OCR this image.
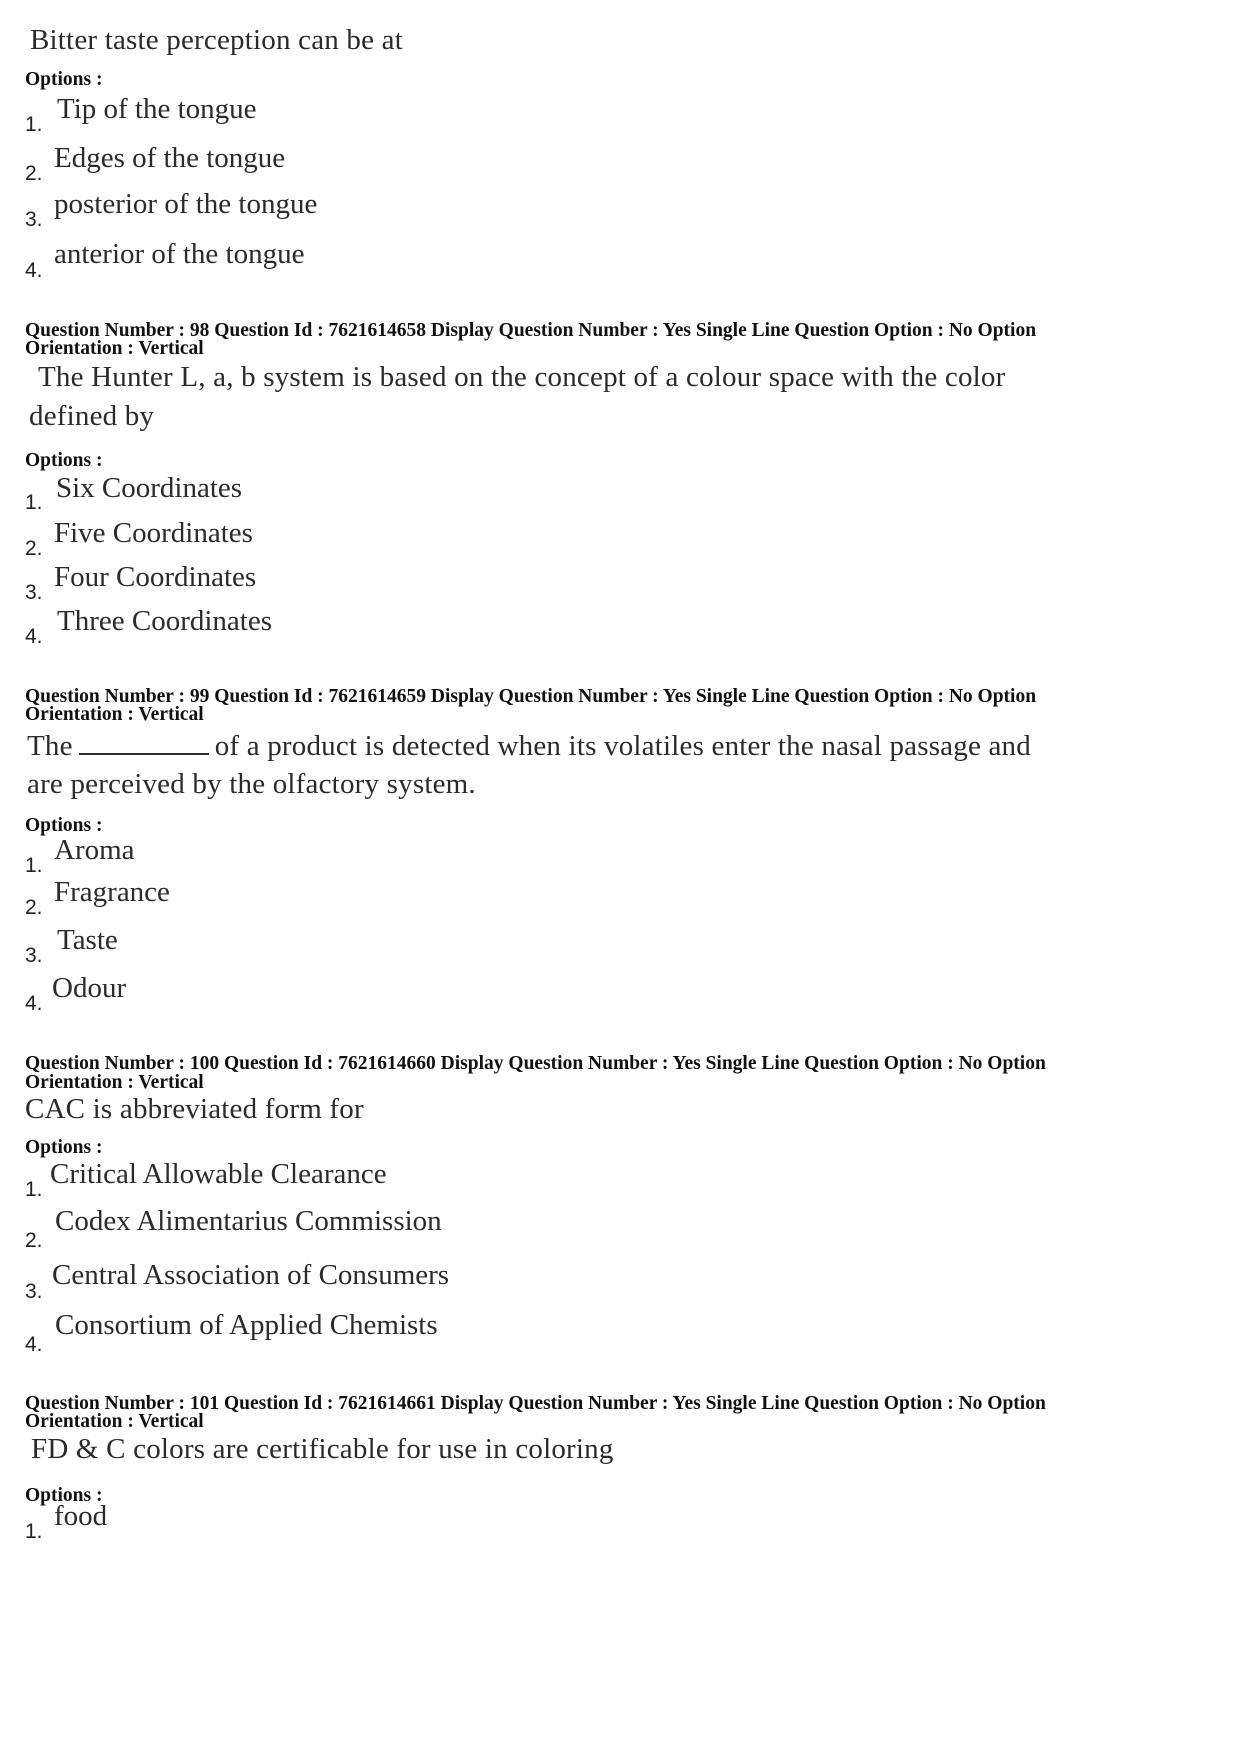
Bitter taste perception can be at
Options :
1. Tip of the tongue
2. Edges of the tongue
3. posterior of the tongue
4.
anterior of the tongue
Question Number : 98 Question Id : 7621614658 Display Question Number : Yes Single Line Question Option : No Option
Orientation : Vertical
The Hunter L, a, b system is based on the concept of a colour space with the color
defined by
Options :
1. Six Coordinates
2. Five Coordinates
3. Four Coordinates
4. Three Coordinates
Question Number : 99 Question Id : 7621614659 Display Question Number : Yes Single Line Question Option : No Option
Orientation : Vertical
The	of a product is detected when its volatiles enter the nasal passage and
are perceived by the olfactory system.
Options :
1. Aroma
2. Fragrance
3. Taste
4. Odour
Question Number : 100 Question Id : 7621614660 Display Question Number : Yes Single Line Question Option : No Option
Orientation : Vertical
CAC is abbreviated form for
Options :
1. Critical Allowable Clearance
2.
Codex Alimentarius Commission
3.
Central Association of Consumers
4.
Consortium of Applied Chemists
Question Number : 101 Question Id : 7621614661 Display Question Number : Yes Single Line Question Option : No Option
Orientation : Vertical
FD & C colors are certificable for use in coloring
Options :
1. food
